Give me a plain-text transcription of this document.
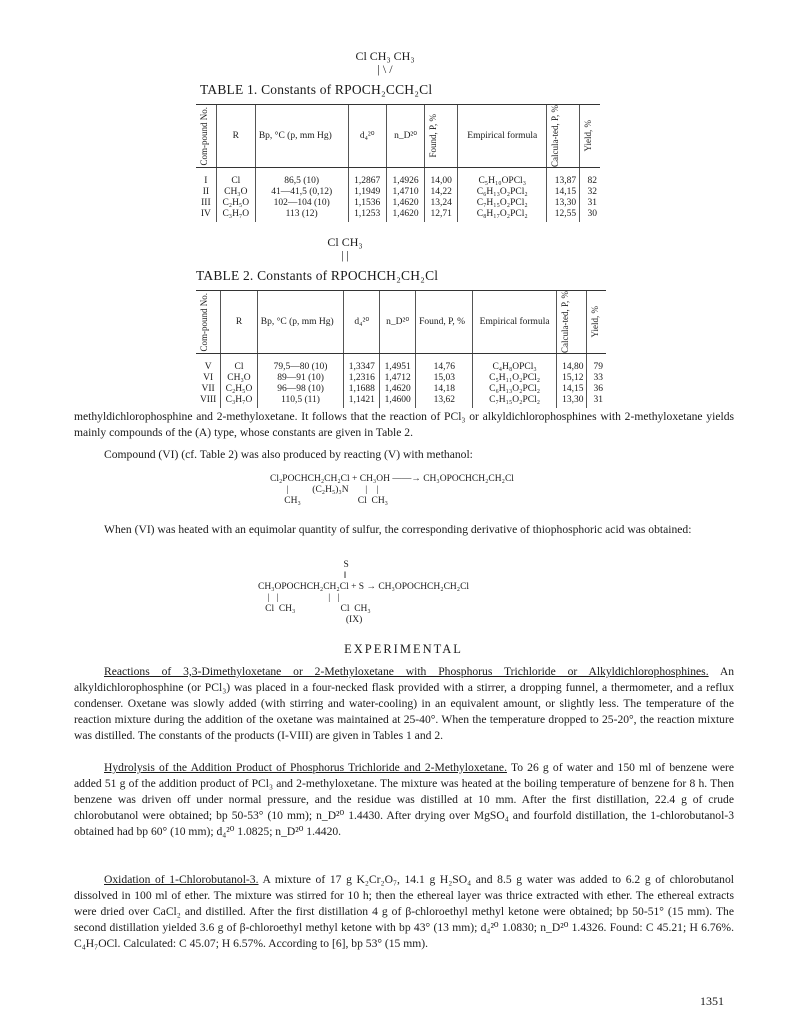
Cl CH₃ CH₃
| \ /
TABLE 1. Constants of RPOCH₂CCH₂Cl
Com-pound No.	R	Bp, °C (p, mm Hg)	d₄²⁰	n_D²⁰	Found, P, %	Empirical formula	Calcula-ted, P, %	Yield, %

I	Cl	86,5 (10)	1,2867	1,4926	14,00	C₅H₁₀OPCl₃	13,87	82
II	CH₃O	41—41,5 (0,12)	1,1949	1,4710	14,22	C₆H₁₃O₂PCl₂	14,15	32
III	C₂H₅O	102—104 (10)	1,1536	1,4620	13,24	C₇H₁₅O₂PCl₂	13,30	31
IV	C₃H₇O	113 (12)	1,1253	1,4620	12,71	C₈H₁₇O₂PCl₂	12,55	30
Cl CH₃
| |
TABLE 2. Constants of RPOCHCH₂CH₂Cl
Com-pound No.	R	Bp, °C (p, mm Hg)	d₄²⁰	n_D²⁰	Found, P, %	Empirical formula	Calcula-ted, P, %	Yield, %

V	Cl	79,5—80 (10)	1,3347	1,4951	14,76	C₄H₈OPCl₃	14,80	79
VI	CH₃O	89—91 (10)	1,2316	1,4712	15,03	C₅H₁₁O₂PCl₂	15,12	33
VII	C₂H₅O	96—98 (10)	1,1688	1,4620	14,18	C₆H₁₃O₂PCl₂	14,15	36
VIII	C₃H₇O	110,5 (11)	1,1421	1,4600	13,62	C₇H₁₅O₂PCl₂	13,30	31
methyldichlorophosphine and 2-methyloxetane. It follows that the reaction of PCl₃ or alkyldichlorophosphines with 2-methyloxetane yields mainly compounds of the (A) type, whose constants are given in Table 2.
Compound (VI) (cf. Table 2) was also produced by reacting (V) with methanol:
Cl₂POCHCH₂CH₂Cl + CH₃OH ——→ CH₃OPOCHCH₂CH₂Cl
|          (C₂H₅)₃N       |    |
CH₃                        Cl  CH₃
When (VI) was heated with an equimolar quantity of sulfur, the corresponding derivative of thiophosphoric acid was obtained:
S
‖
CH₃OPOCHCH₂CH₂Cl + S → CH₃OPOCHCH₂CH₂Cl
|   |                     |   |
Cl  CH₃                   Cl  CH₃
(IX)
EXPERIMENTAL
Reactions of 3,3-Dimethyloxetane or 2-Methyloxetane with Phosphorus Trichloride or Alkyldichlorophosphines. An alkyldichlorophosphine (or PCl₃) was placed in a four-necked flask provided with a stirrer, a dropping funnel, a thermometer, and a reflux condenser. Oxetane was slowly added (with stirring and water-cooling) in an equivalent amount, or slightly less. The temperature of the reaction mixture during the addition of the oxetane was maintained at 25-40°. When the temperature dropped to 25-20°, the reaction mixture was distilled. The constants of the products (I-VIII) are given in Tables 1 and 2.
Hydrolysis of the Addition Product of Phosphorus Trichloride and 2-Methyloxetane. To 26 g of water and 150 ml of benzene were added 51 g of the addition product of PCl₃ and 2-methyloxetane. The mixture was heated at the boiling temperature of benzene for 8 h. Then benzene was driven off under normal pressure, and the residue was distilled at 10 mm. After the first distillation, 22.4 g of crude chlorobutanol were obtained; bp 50-53° (10 mm); n_D²⁰ 1.4430. After drying over MgSO₄ and fourfold distillation, the 1-chlorobutanol-3 obtained had bp 60° (10 mm); d₄²⁰ 1.0825; n_D²⁰ 1.4420.
Oxidation of 1-Chlorobutanol-3. A mixture of 17 g K₂Cr₂O₇, 14.1 g H₂SO₄ and 8.5 g water was added to 6.2 g of chlorobutanol dissolved in 100 ml of ether. The mixture was stirred for 10 h; then the ethereal layer was thrice extracted with ether. The ethereal extracts were dried over CaCl₂ and distilled. After the first distillation 4 g of β-chloroethyl methyl ketone were obtained; bp 50-51° (15 mm). The second distillation yielded 3.6 g of β-chloroethyl methyl ketone with bp 43° (13 mm); d₄²⁰ 1.0830; n_D²⁰ 1.4326. Found: C 45.21; H 6.76%. C₄H₇OCl. Calculated: C 45.07; H 6.57%. According to [6], bp 53° (15 mm).
1351
